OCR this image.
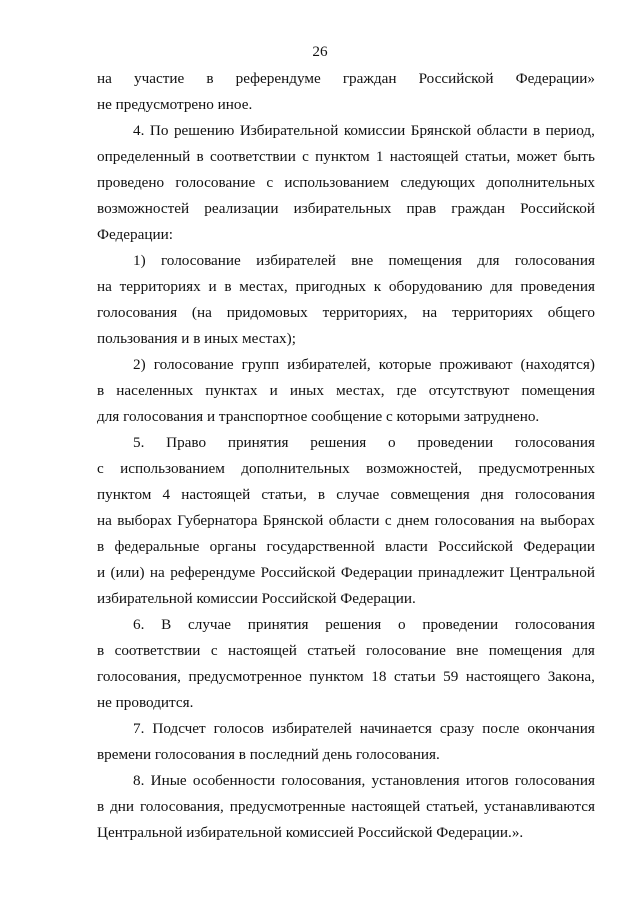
26
на участие в референдуме граждан Российской Федерации»
не предусмотрено иное.
4. По решению Избирательной комиссии Брянской области в период,
определенный в соответствии с пунктом 1 настоящей статьи, может быть
проведено голосование с использованием следующих дополнительных
возможностей реализации избирательных прав граждан Российской
Федерации:
1) голосование избирателей вне помещения для голосования
на территориях и в местах, пригодных к оборудованию для проведения
голосования (на придомовых территориях, на территориях общего
пользования и в иных местах);
2) голосование групп избирателей, которые проживают (находятся)
в населенных пунктах и иных местах, где отсутствуют помещения
для голосования и транспортное сообщение с которыми затруднено.
5. Право принятия решения о проведении голосования
с использованием дополнительных возможностей, предусмотренных
пунктом 4 настоящей статьи, в случае совмещения дня голосования
на выборах Губернатора Брянской области с днем голосования на выборах
в федеральные органы государственной власти Российской Федерации
и (или) на референдуме Российской Федерации принадлежит Центральной
избирательной комиссии Российской Федерации.
6. В случае принятия решения о проведении голосования
в соответствии с настоящей статьей голосование вне помещения для
голосования, предусмотренное пунктом 18 статьи 59 настоящего Закона,
не проводится.
7. Подсчет голосов избирателей начинается сразу после окончания
времени голосования в последний день голосования.
8. Иные особенности голосования, установления итогов голосования
в дни голосования, предусмотренные настоящей статьей, устанавливаются
Центральной избирательной комиссией Российской Федерации.».
